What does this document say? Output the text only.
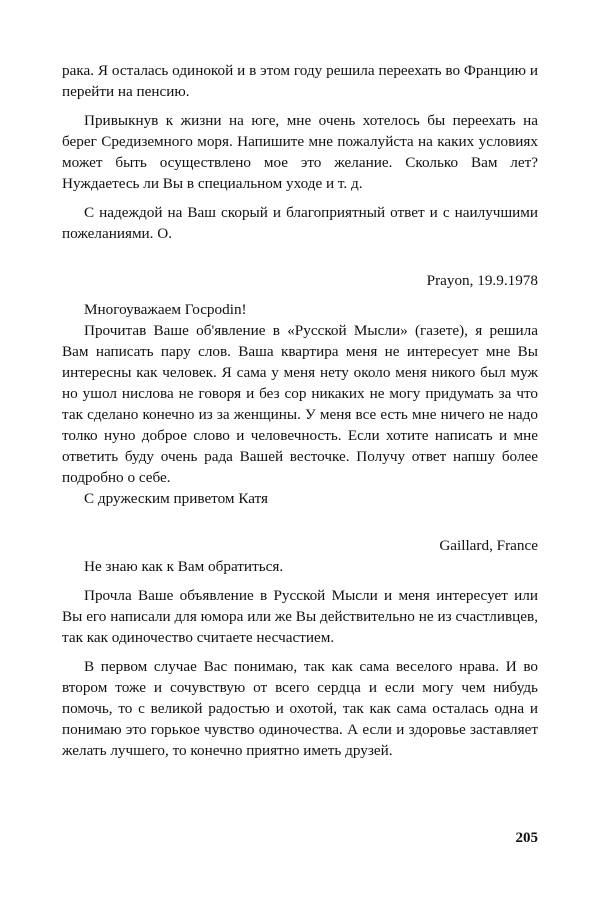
рака. Я осталась одинокой и в этом году решила переехать во Францию и перейти на пенсию.

Привыкнув к жизни на юге, мне очень хотелось бы переехать на берег Средиземного моря. Напишите мне пожалуйста на каких условиях может быть осуществлено мое это желание. Сколько Вам лет? Нуждаетесь ли Вы в специальном уходе и т. д.

С надеждой на Ваш скорый и благоприятный ответ и с наилучшими пожеланиями. О.

Prayon, 19.9.1978

Многоуважаем Госpodin!

Прочитав Ваше об'явление в «Русской Мысли» (газете), я решила Вам написать пару слов. Ваша квартира меня не интересует мне Вы интересны как человек. Я сама у меня нету около меня никого был муж но ушол нислова не говоря и без сор никаких не могу придумать за что так сделано конечно из за женщины. У меня все есть мне ничего не надо толко нуно доброе слово и человечность. Если хотите написать и мне ответить буду очень рада Вашей весточке. Получу ответ напшу более подробно о себе.

С дружеским приветом Катя

Gaillard, France

Не знаю как к Вам обратиться.

Прочла Ваше объявление в Русской Мысли и меня интересует или Вы его написали для юмора или же Вы действительно не из счастливцев, так как одиночество считаете несчастием.

В первом случае Вас понимаю, так как сама веселого нрава. И во втором тоже и сочувствую от всего сердца и если могу чем нибудь помочь, то с великой радостью и охотой, так как сама осталась одна и понимаю это горькое чувство одиночества. А если и здоровье заставляет желать лучшего, то конечно приятно иметь друзей.

205
